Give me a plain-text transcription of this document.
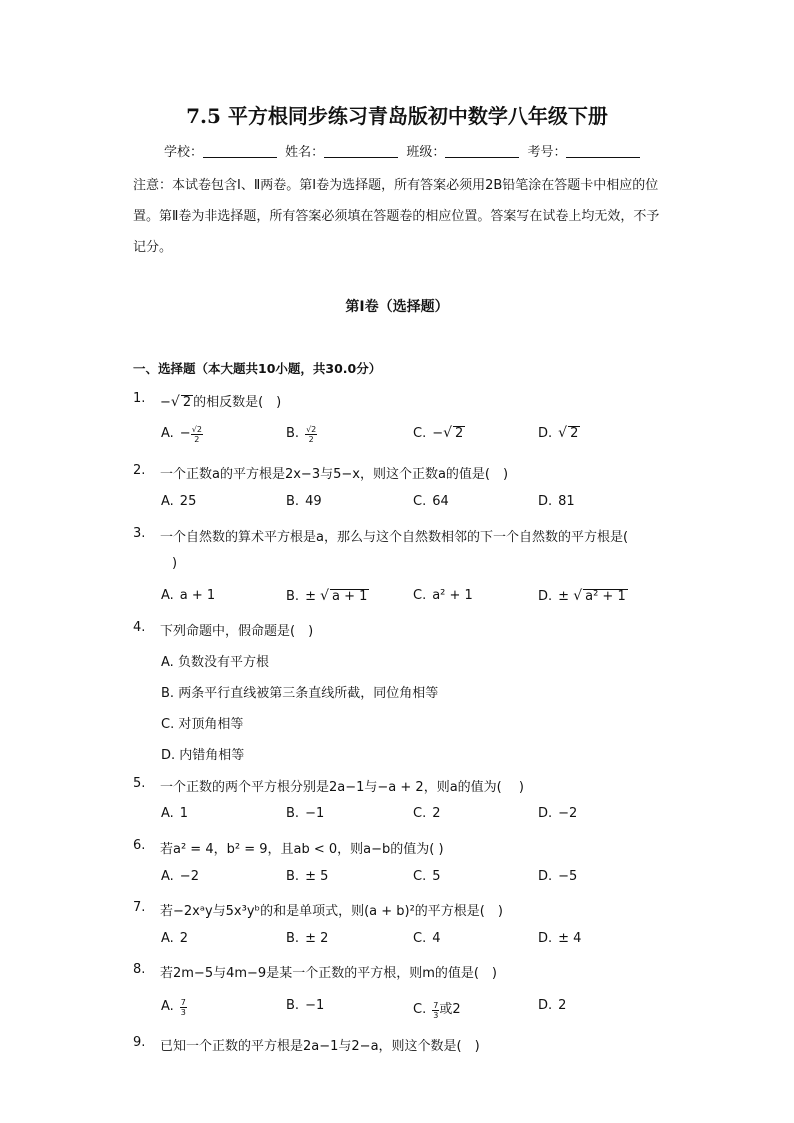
7.5 平方根同步练习青岛版初中数学八年级下册
学校：	姓名：	班级：	考号：
注意：本试卷包含Ⅰ、Ⅱ两卷。第Ⅰ卷为选择题，所有答案必须用2B铅笔涂在答题卡中相应的位置。第Ⅱ卷为非选择题，所有答案必须填在答题卷的相应位置。答案写在试卷上均无效，不予记分。
第Ⅰ卷（选择题）
一、选择题（本大题共10小题，共30.0分）
1.	−√ 2 的相反数是(　)
A. − $\frac{√2}{2}$	B. $\frac{√2}{2}$	C. −√ 2	D. √ 2
2.	一个正数a的平方根是2x−3与5−x，则这个正数a的值是(　)
A. 25	B. 49	C. 64	D. 81
3.	一个自然数的算术平方根是a，那么与这个自然数相邻的下一个自然数的平方根是(
)
A. a + 1	B. ± √ a + 1	C. a² + 1	D. ± √ a² + 1
4.	下列命题中，假命题是(　)
A. 负数没有平方根
B. 两条平行直线被第三条直线所截，同位角相等
C. 对顶角相等
D. 内错角相等
5.	一个正数的两个平方根分别是2a−1与−a + 2，则a的值为(　 )
A. 1	B. −1	C. 2	D. −2
6.	若a² = 4，b² = 9，且ab < 0，则a−b的值为( )
A. −2	B. ± 5	C. 5	D. −5
7.	若−2xᵃy与5x³yᵇ的和是单项式，则(a + b)²的平方根是(　)
A. 2	B. ± 2	C. 4	D. ± 4
8.	若2m−5与4m−9是某一个正数的平方根，则m的值是(　)
A. $\frac{7}{3}$	B. −1	C. $\frac{7}{3}$ 或2	D. 2
9.	已知一个正数的平方根是2a−1与2−a，则这个数是(　)
